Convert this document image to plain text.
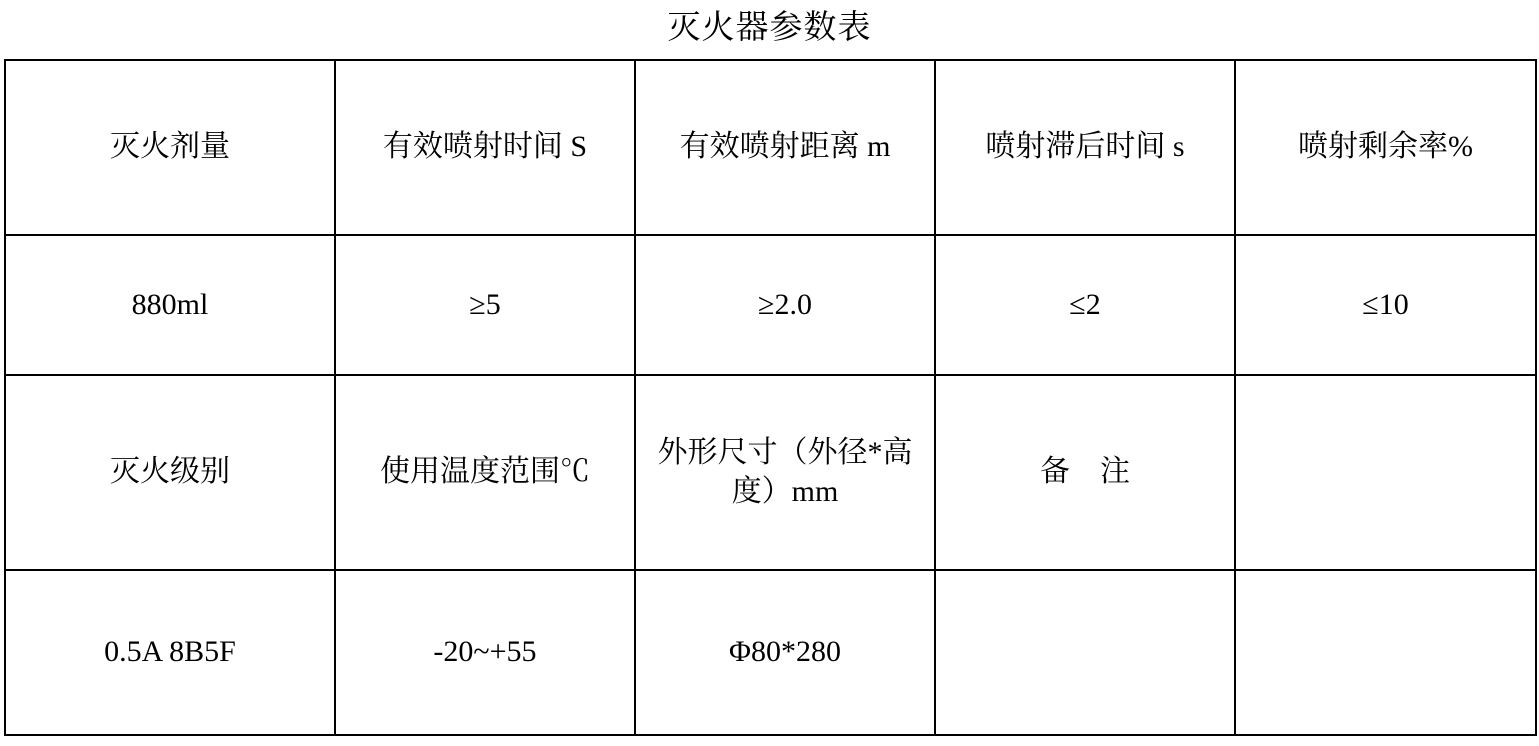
灭火器参数表
灭火剂量	有效喷射时间 S	有效喷射距离 m	喷射滞后时间 s	喷射剩余率%

880ml	≥5	≥2.0	≤2	≤10

灭火级别	使用温度范围℃	外形尺寸（外径*高度）mm	备　注	

0.5A 8B5F	-20~+55	Φ80*280		
